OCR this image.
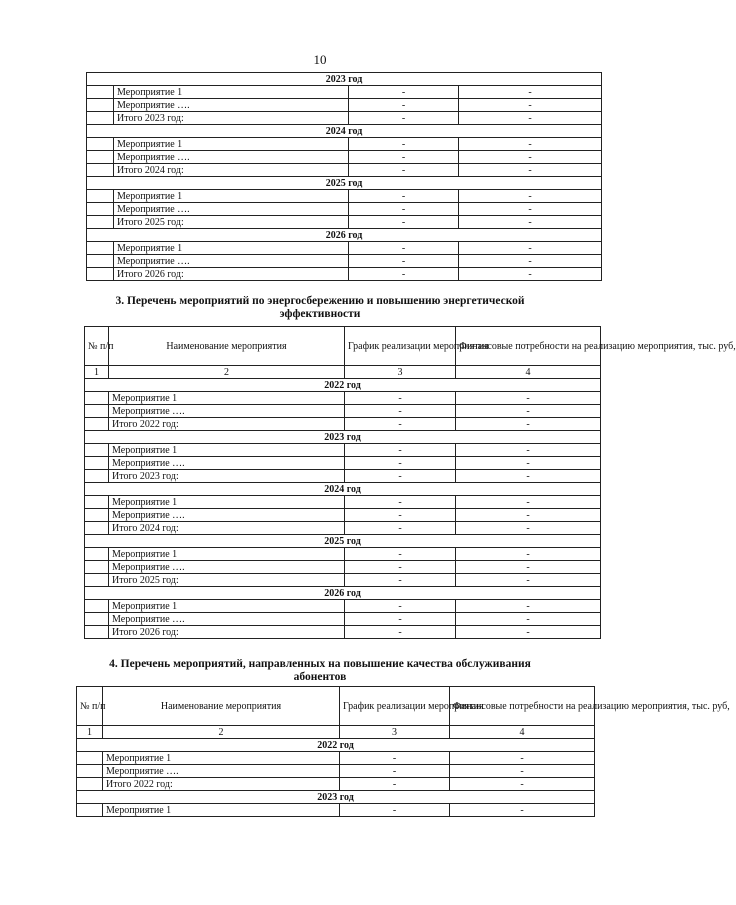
10
2023 год			
	Мероприятие 1	-	-
	Мероприятие ….	-	-
	Итого 2023 год:	-	-
2024 год			
	Мероприятие 1	-	-
	Мероприятие ….	-	-
	Итого 2024 год:	-	-
2025 год			
	Мероприятие 1	-	-
	Мероприятие ….	-	-
	Итого 2025 год:	-	-
2026 год			
	Мероприятие 1	-	-
	Мероприятие ….	-	-
	Итого 2026 год:	-	-
3. Перечень мероприятий по энергосбережению и повышению энергетической
эффективности
№ п/п	Наименование мероприятия	График реализации мероприятия	Финансовые потребности на реализацию мероприятия, тыс. руб,
1	2	3	4
2022 год			
	Мероприятие 1	-	-
	Мероприятие ….	-	-
	Итого 2022 год:	-	-
2023 год			
	Мероприятие 1	-	-
	Мероприятие ….	-	-
	Итого 2023 год:	-	-
2024 год			
	Мероприятие 1	-	-
	Мероприятие ….	-	-
	Итого 2024 год:	-	-
2025 год			
	Мероприятие 1	-	-
	Мероприятие ….	-	-
	Итого 2025 год:	-	-
2026 год			
	Мероприятие 1	-	-
	Мероприятие ….	-	-
	Итого 2026 год:	-	-
4. Перечень мероприятий, направленных на повышение качества обслуживания
абонентов
№ п/п	Наименование мероприятия	График реализации мероприятия	Финансовые потребности на реализацию мероприятия, тыс. руб,
1	2	3	4
2022 год			
	Мероприятие 1	-	-
	Мероприятие ….	-	-
	Итого 2022 год:	-	-
2023 год			
	Мероприятие 1	-	-
